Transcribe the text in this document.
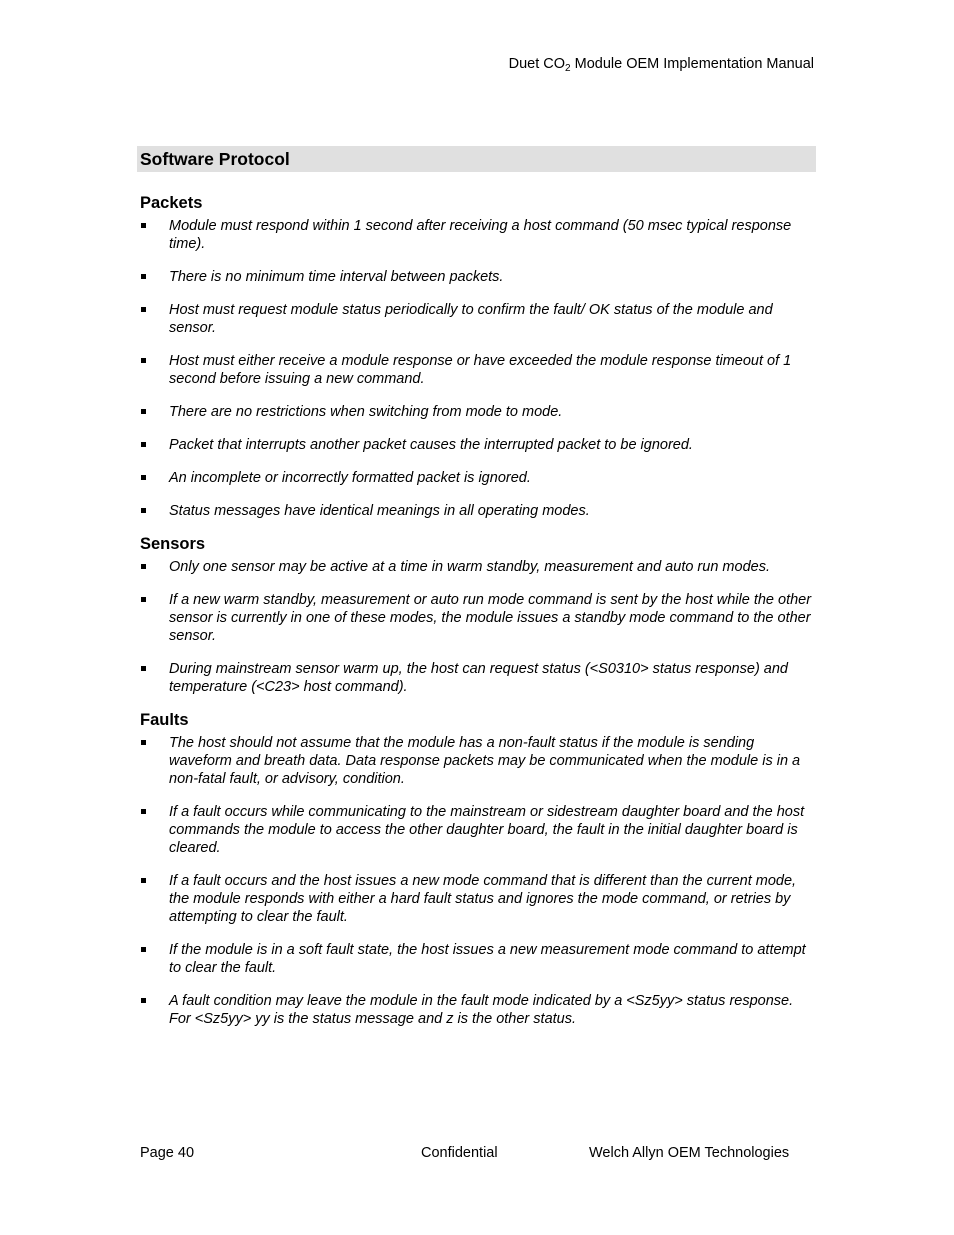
Duet $CO_2$ Module OEM Implementation Manual
Software Protocol
Packets
Module must respond within 1 second after receiving a host command (50 msec typical response time).
There is no minimum time interval between packets.
Host must request module status periodically to confirm the fault/ OK status of the module and sensor.
Host must either receive a module response or have exceeded the module response timeout of 1 second before issuing a new command.
There are no restrictions when switching from mode to mode.
Packet that interrupts another packet causes the interrupted packet to be ignored.
An incomplete or incorrectly formatted packet is ignored.
Status messages have identical meanings in all operating modes.
Sensors
Only one sensor may be active at a time in warm standby, measurement and auto run modes.
If a new warm standby, measurement or auto run mode command is sent by the host while the other sensor is currently in one of these modes, the module issues a standby mode command to the other sensor.
During mainstream sensor warm up, the host can request status (<S0310> status response) and temperature (<C23> host command).
Faults
The host should not assume that the module has a non-fault status if the module is sending waveform and breath data. Data response packets may be communicated when the module is in a non-fatal fault, or advisory, condition.
If a fault occurs while communicating to the mainstream or sidestream daughter board and the host commands the module to access the other daughter board, the fault in the initial daughter board is cleared.
If a fault occurs and the host issues a new mode command that is different than the current mode, the module responds with either a hard fault status and ignores the mode command, or retries by attempting to clear the fault.
If the module is in a soft fault state, the host issues a new measurement mode command to attempt to clear the fault.
A fault condition may leave the module in the fault mode indicated by a <Sz5yy> status response. For <Sz5yy> yy is the status message and z is the other status.
Page 40	Confidential	Welch Allyn OEM Technologies
